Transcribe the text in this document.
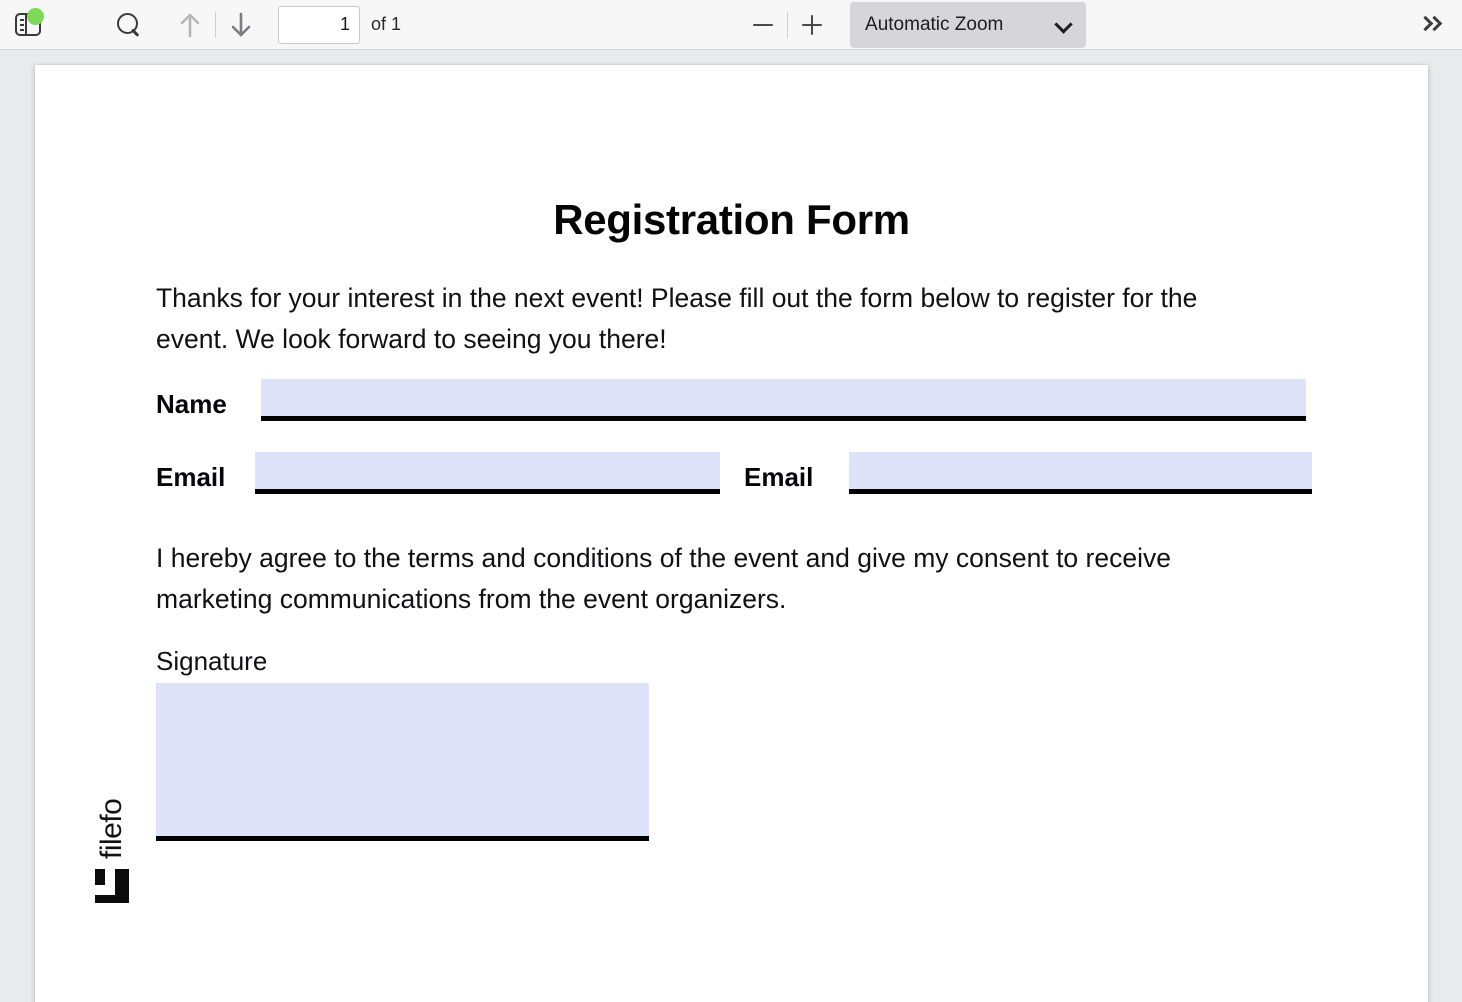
1
of 1	Automatic Zoom
Registration Form
Thanks for your interest in the next event! Please fill out the form below to register for the event. We look forward to seeing you there!
Name
Email	Email
I hereby agree to the terms and conditions of the event and give my consent to receive marketing communications from the event organizers.
Signature
filefo
